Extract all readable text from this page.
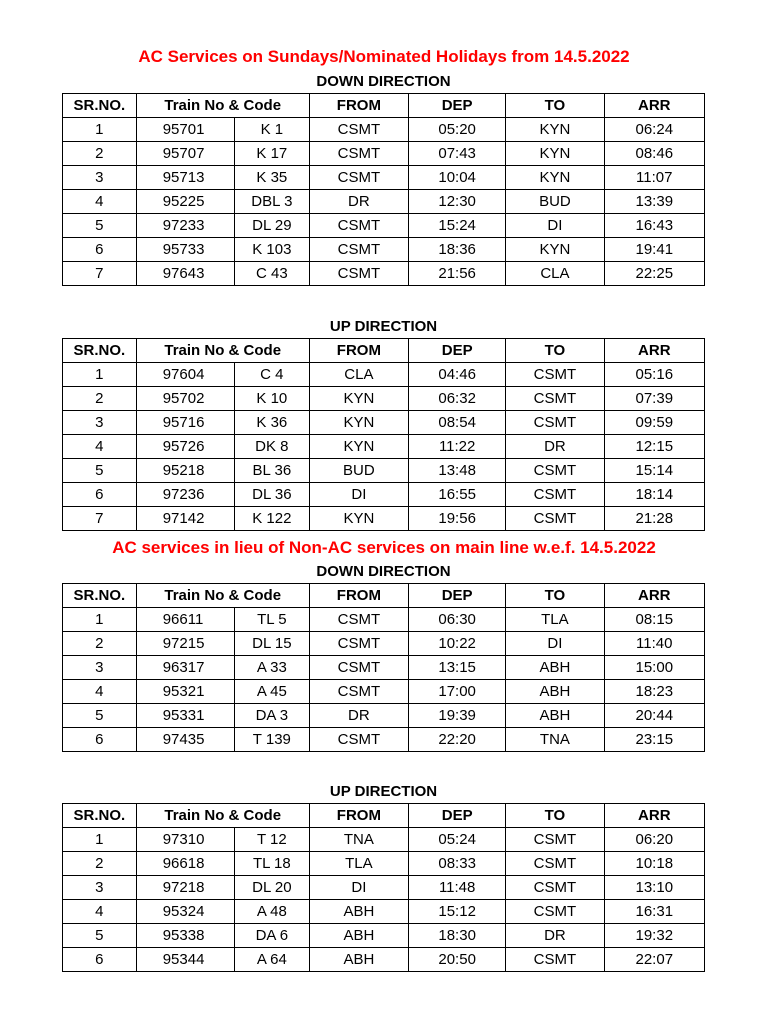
AC Services on Sundays/Nominated Holidays from 14.5.2022
DOWN DIRECTION						
SR.NO.	Train No & Code		FROM	DEP	TO	ARR
1	95701	K 1	CSMT	05:20	KYN	06:24
2	95707	K 17	CSMT	07:43	KYN	08:46
3	95713	K 35	CSMT	10:04	KYN	11:07
4	95225	DBL 3	DR	12:30	BUD	13:39
5	97233	DL 29	CSMT	15:24	DI	16:43
6	95733	K 103	CSMT	18:36	KYN	19:41
7	97643	C 43	CSMT	21:56	CLA	22:25
UP DIRECTION						
SR.NO.	Train No & Code		FROM	DEP	TO	ARR
1	97604	C 4	CLA	04:46	CSMT	05:16
2	95702	K 10	KYN	06:32	CSMT	07:39
3	95716	K 36	KYN	08:54	CSMT	09:59
4	95726	DK 8	KYN	11:22	DR	12:15
5	95218	BL 36	BUD	13:48	CSMT	15:14
6	97236	DL 36	DI	16:55	CSMT	18:14
7	97142	K 122	KYN	19:56	CSMT	21:28
AC services in lieu of Non-AC services on main line w.e.f. 14.5.2022
DOWN DIRECTION						
SR.NO.	Train No & Code		FROM	DEP	TO	ARR
1	96611	TL 5	CSMT	06:30	TLA	08:15
2	97215	DL 15	CSMT	10:22	DI	11:40
3	96317	A 33	CSMT	13:15	ABH	15:00
4	95321	A 45	CSMT	17:00	ABH	18:23
5	95331	DA 3	DR	19:39	ABH	20:44
6	97435	T 139	CSMT	22:20	TNA	23:15
UP DIRECTION						
SR.NO.	Train No & Code		FROM	DEP	TO	ARR
1	97310	T 12	TNA	05:24	CSMT	06:20
2	96618	TL 18	TLA	08:33	CSMT	10:18
3	97218	DL 20	DI	11:48	CSMT	13:10
4	95324	A 48	ABH	15:12	CSMT	16:31
5	95338	DA 6	ABH	18:30	DR	19:32
6	95344	A 64	ABH	20:50	CSMT	22:07
